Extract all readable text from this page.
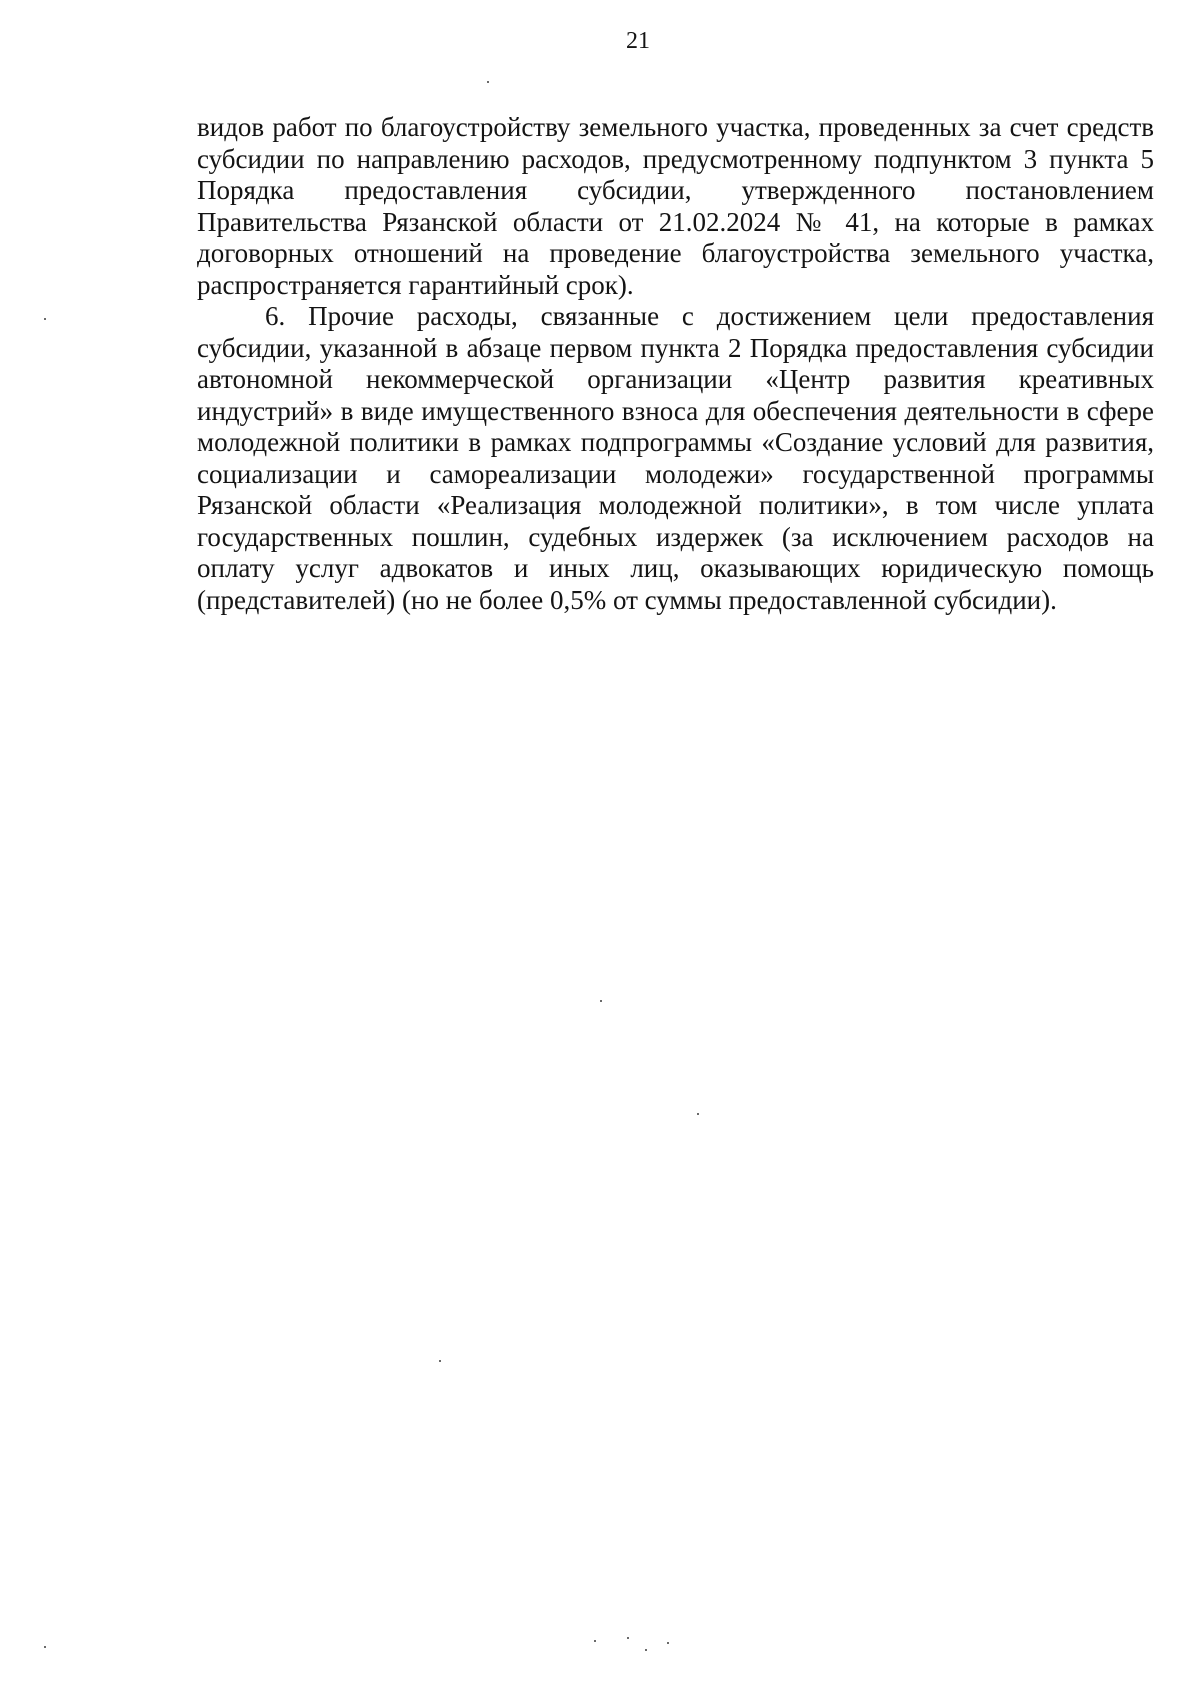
21

видов работ по благоустройству земельного участка, проведенных за счет средств субсидии по направлению расходов, предусмотренному подпунктом 3 пункта 5 Порядка предоставления субсидии, утвержденного постановлением Правительства Рязанской области от 21.02.2024 № 41, на которые в рамках договорных отношений на проведение благоустройства земельного участка, распространяется гарантийный срок).

6. Прочие расходы, связанные с достижением цели предоставления субсидии, указанной в абзаце первом пункта 2 Порядка предоставления субсидии автономной некоммерческой организации «Центр развития креативных индустрий» в виде имущественного взноса для обеспечения деятельности в сфере молодежной политики в рамках подпрограммы «Создание условий для развития, социализации и самореализации молодежи» государственной программы Рязанской области «Реализация молодежной политики», в том числе уплата государственных пошлин, судебных издержек (за исключением расходов на оплату услуг адвокатов и иных лиц, оказывающих юридическую помощь (представителей) (но не более 0,5% от суммы предоставленной субсидии).
